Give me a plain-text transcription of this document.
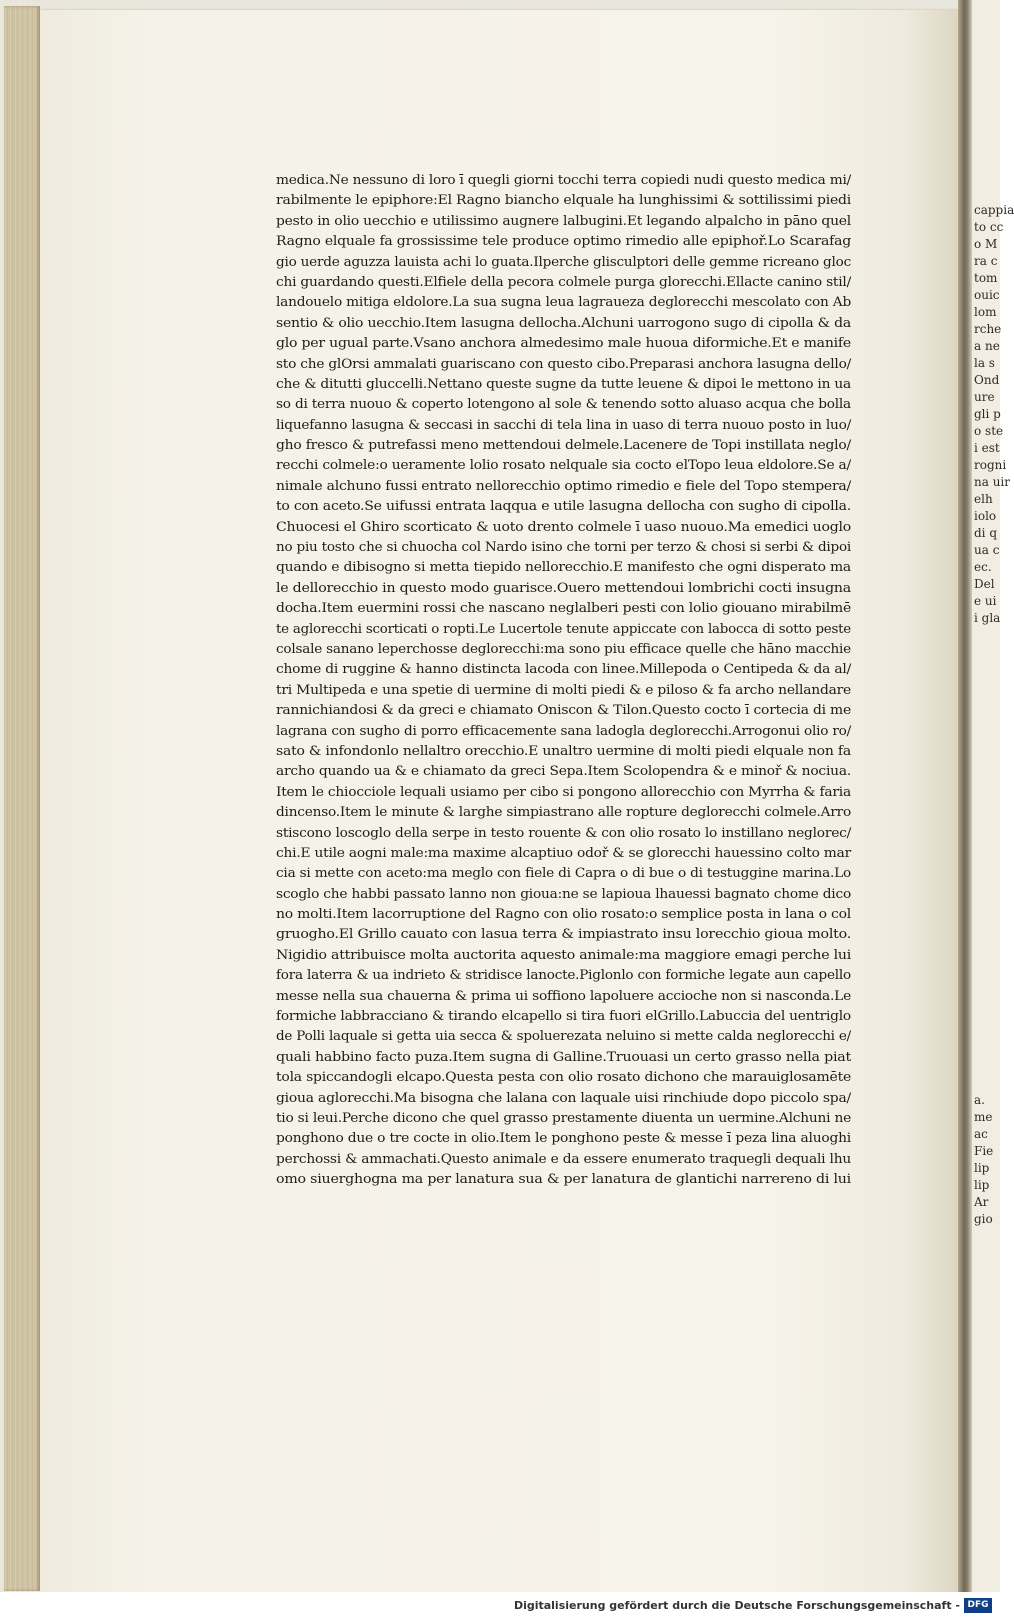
cappia
to cc
o M
ra c
tom
ouic
lom
rche
a ne
la s
Ond
ure
gli p
o ste
i est
rogni
na uir
elh
iolo
di q
ua c
ec.
Del
e ui
i gla
a.
me
ac
Fie
lip
lip
Ar
gio
medica.Ne nessuno di loro ī quegli giorni tocchi terra copiedi nudi questo medica mi/
rabilmente le epiphore:El Ragno biancho elquale ha lunghissimi & sottilissimi piedi
pesto in olio uecchio e utilissimo augnere lalbugini.Et legando alpalcho in pāno quel
Ragno elquale fa grossissime tele produce optimo rimedio alle epiphoř.Lo Scarafag
gio uerde aguzza lauista achi lo guata.Ilperche glisculptori delle gemme ricreano gloc
chi guardando questi.Elfiele della pecora colmele purga glorecchi.Ellacte canino stil/
landouelo mitiga eldolore.La sua sugna leua lagraueza deglorecchi mescolato con Ab
sentio & olio uecchio.Item lasugna dellocha.Alchuni uarrogono sugo di cipolla & da
glo per ugual parte.Vsano anchora almedesimo male huoua diformiche.Et e manife
sto che glOrsi ammalati guariscano con questo cibo.Preparasi anchora lasugna dello/
che & ditutti gluccelli.Nettano queste sugne da tutte leuene & dipoi le mettono in ua
so di terra nuouo & coperto lotengono al sole & tenendo sotto aluaso acqua che bolla
liquefanno lasugna & seccasi in sacchi di tela lina in uaso di terra nuouo posto in luo/
gho fresco & putrefassi meno mettendoui delmele.Lacenere de Topi instillata neglo/
recchi colmele:o ueramente lolio rosato nelquale sia cocto elTopo leua eldolore.Se a/
nimale alchuno fussi entrato nellorecchio optimo rimedio e fiele del Topo stempera/
to con aceto.Se uifussi entrata laqqua e utile lasugna dellocha con sugho di cipolla.
Chuocesi el Ghiro scorticato & uoto drento colmele ī uaso nuouo.Ma emedici uoglo
no piu tosto che si chuocha col Nardo isino che torni per terzo & chosi si serbi & dipoi
quando e dibisogno si metta tiepido nellorecchio.E manifesto che ogni disperato ma
le dellorecchio in questo modo guarisce.Ouero mettendoui lombrichi cocti insugna
docha.Item euermini rossi che nascano neglalberi pesti con lolio giouano mirabilmē
te aglorecchi scorticati o ropti.Le Lucertole tenute appiccate con labocca di sotto peste
colsale sanano leperchosse deglorecchi:ma sono piu efficace quelle che hāno macchie
chome di ruggine & hanno distincta lacoda con linee.Millepoda o Centipeda & da al/
tri Multipeda e una spetie di uermine di molti piedi & e piloso & fa archo nellandare
rannichiandosi & da greci e chiamato Oniscon & Tilon.Questo cocto ī cortecia di me
lagrana con sugho di porro efficacemente sana ladogla deglorecchi.Arrogonui olio ro/
sato & infondonlo nellaltro orecchio.E unaltro uermine di molti piedi elquale non fa
archo quando ua & e chiamato da greci Sepa.Item Scolopendra & e minoř & nociua.
Item le chiocciole lequali usiamo per cibo si pongono allorecchio con Myrrha & faria
dincenso.Item le minute & larghe simpiastrano alle ropture deglorecchi colmele.Arro
stiscono loscoglo della serpe in testo rouente & con olio rosato lo instillano neglorec/
chi.E utile aogni male:ma maxime alcaptiuo odoř & se glorecchi hauessino colto mar
cia si mette con aceto:ma meglo con fiele di Capra o di bue o di testuggine marina.Lo
scoglo che habbi passato lanno non gioua:ne se lapioua lhauessi bagnato chome dico
no molti.Item lacorruptione del Ragno con olio rosato:o semplice posta in lana o col
gruogho.El Grillo cauato con lasua terra & impiastrato insu lorecchio gioua molto.
Nigidio attribuisce molta auctorita aquesto animale:ma maggiore emagi perche lui
fora laterra & ua indrieto & stridisce lanocte.Piglonlo con formiche legate aun capello
messe nella sua chauerna & prima ui soffiono lapoluere accioche non si nasconda.Le
formiche labbracciano & tirando elcapello si tira fuori elGrillo.Labuccia del uentriglo
de Polli laquale si getta uia secca & spoluerezata neluino si mette calda neglorecchi e/
quali habbino facto puza.Item sugna di Galline.Truouasi un certo grasso nella piat
tola spiccandogli elcapo.Questa pesta con olio rosato dichono che marauiglosamēte
gioua aglorecchi.Ma bisogna che lalana con laquale uisi rinchiude dopo piccolo spa/
tio si leui.Perche dicono che quel grasso prestamente diuenta un uermine.Alchuni ne
ponghono due o tre cocte in olio.Item le ponghono peste & messe ī peza lina aluoghi
perchossi & ammachati.Questo animale e da essere enumerato traquegli dequali lhu
omo siuerghogna ma per lanatura sua & per lanatura de glantichi narrereno di lui
Digitalisierung gefördert durch die Deutsche Forschungsgemeinschaft - DFG
